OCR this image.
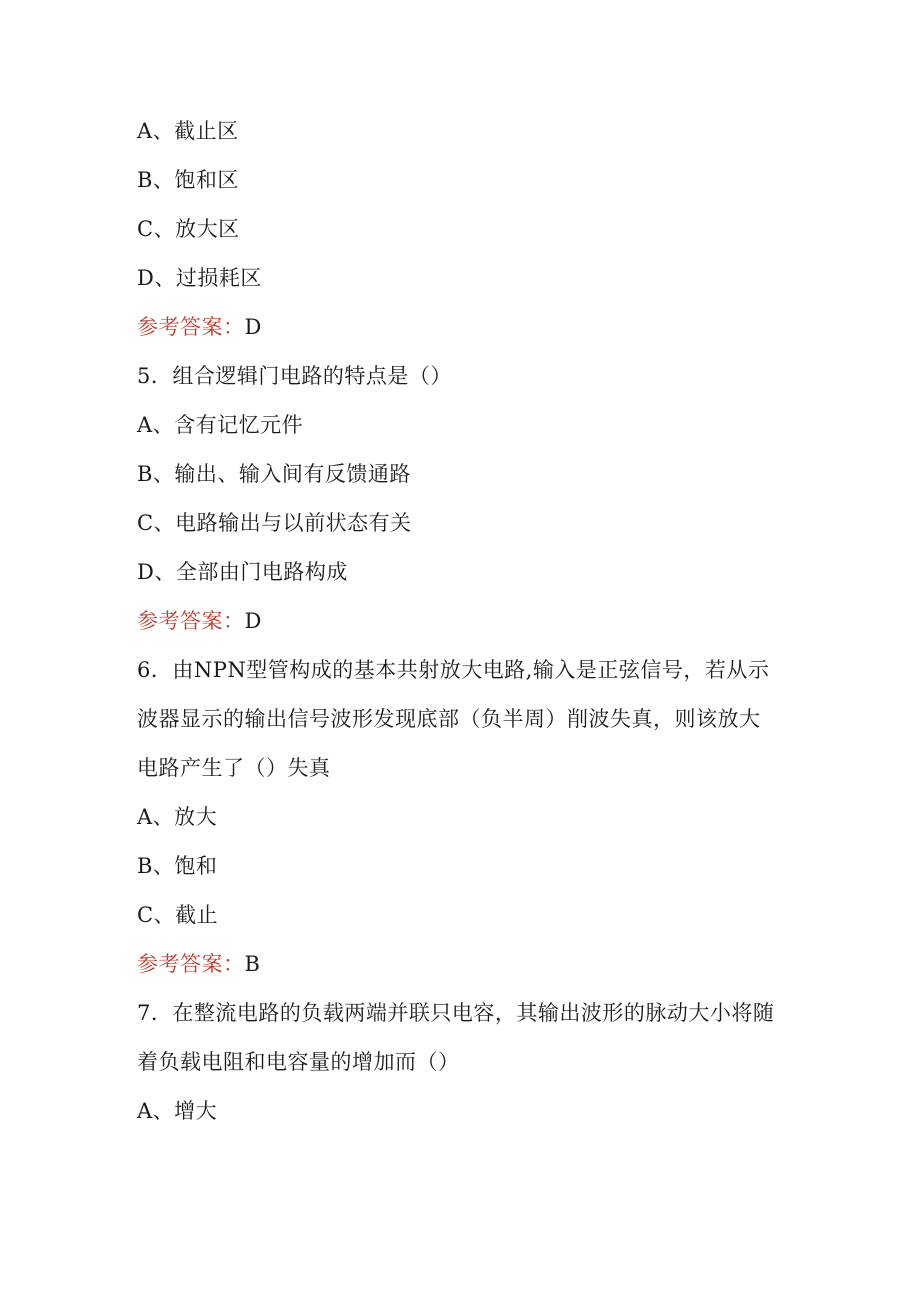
A、截止区
B、饱和区
C、放大区
D、过损耗区
参考答案：D
5．组合逻辑门电路的特点是（）
A、含有记忆元件
B、输出、输入间有反馈通路
C、电路输出与以前状态有关
D、全部由门电路构成
参考答案：D
6．由NPN型管构成的基本共射放大电路,输入是正弦信号，若从示
波器显示的输出信号波形发现底部（负半周）削波失真，则该放大
电路产生了（）失真
A、放大
B、饱和
C、截止
参考答案：B
7．在整流电路的负载两端并联只电容，其输出波形的脉动大小将随
着负载电阻和电容量的增加而（）
A、增大
